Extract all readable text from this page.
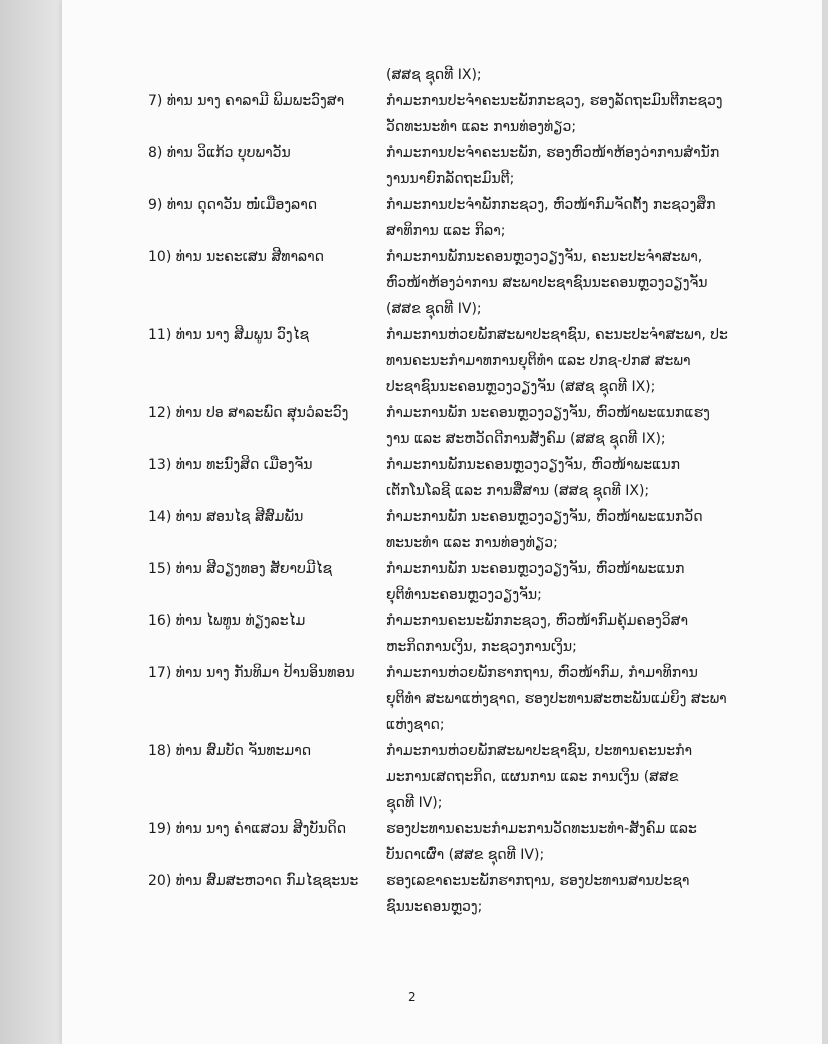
(ສສຊ ຊຸດທີ IX);
7) ທ່ານ ນາງ ຄາລາມີ ພິມພະວົງສາ	ກຳມະການປະຈຳຄະນະພັກກະຊວງ, ຮອງລັດຖະມົນຕີກະຊວງ
ວັດທະນະທຳ ແລະ ການທ່ອງທ່ຽວ;
8) ທ່ານ ວິແກ້ວ ບຸບພາວັນ	ກຳມະການປະຈຳຄະນະພັກ, ຮອງຫົວໜ້າຫ້ອງວ່າການສຳນັກ
ງານນາຍົກລັດຖະມົນຕີ;
9) ທ່ານ ດຸດາວັນ ໜໍ່ເມືອງລາດ	ກຳມະການປະຈຳພັກກະຊວງ, ຫົວໜ້າກົມຈັດຕັ້ງ ກະຊວງສຶກ
ສາທິການ ແລະ ກິລາ;
10) ທ່ານ ນະຄະເສນ ສີທາລາດ	ກຳມະການພັກນະຄອນຫຼວງວຽງຈັນ, ຄະນະປະຈຳສະພາ,
ຫົວໜ້າຫ້ອງວ່າການ ສະພາປະຊາຊົນນະຄອນຫຼວງວຽງຈັນ
(ສສຂ ຊຸດທີ IV);
11) ທ່ານ ນາງ ສີມພູນ ວົງໄຊ	ກຳມະການຫ່ວຍພັກສະພາປະຊາຊົນ, ຄະນະປະຈຳສະພາ, ປະ
ທານຄະນະກຳມາທການຍຸຕິທຳ ແລະ ປກຊ-ປກສ ສະພາ
ປະຊາຊົນນະຄອນຫຼວງວຽງຈັນ (ສສຊ ຊຸດທີ IX);
12) ທ່ານ ປອ ສາລະພົດ ສຸນວໍລະວົງ	ກຳມະການພັກ ນະຄອນຫຼວງວຽງຈັນ, ຫົວໜ້າພະແນກແຮງ
ງານ ແລະ ສະຫວັດດີການສັງຄົມ (ສສຊ ຊຸດທີ IX);
13) ທ່ານ ທະນົງສິດ ເມືອງຈັນ	ກຳມະການພັກນະຄອນຫຼວງວຽງຈັນ, ຫົວໜ້າພະແນກ
ເຕັກໂນໂລຊີ ແລະ ການສື່ສານ (ສສຊ ຊຸດທີ IX);
14) ທ່ານ ສອນໄຊ ສີສົມພັນ	ກຳມະການພັກ ນະຄອນຫຼວງວຽງຈັນ, ຫົວໜ້າພະແນກວັດ
ທະນະທຳ ແລະ ການທ່ອງທ່ຽວ;
15) ທ່ານ ສີວຽງທອງ ສັຍາບມີໄຊ	ກຳມະການພັກ ນະຄອນຫຼວງວຽງຈັນ, ຫົວໜ້າພະແນກ
ຍຸຕິທຳນະຄອນຫຼວງວຽງຈັນ;
16) ທ່ານ ໄພທູນ ທ່ຽງລະໄມ	ກຳມະການຄະນະພັກກະຊວງ, ຫົວໜ້າກົມຄຸ້ມຄອງວິສາ
ຫະກິດການເງິນ, ກະຊວງການເງິນ;
17) ທ່ານ ນາງ ກັນທິມາ ປ້ານອິນທອນ	ກຳມະການຫ່ວຍພັກຮາກຖານ, ຫົວໜ້າກົມ, ກຳມາທິການ
ຍຸຕິທຳ ສະພາແຫ່ງຊາດ, ຮອງປະທານສະຫະພັນແມ່ຍິງ ສະພາ
ແຫ່ງຊາດ;
18) ທ່ານ ສົມບັດ ຈັນທະມາດ	ກຳມະການຫ່ວຍພັກສະພາປະຊາຊົນ, ປະທານຄະນະກຳ
ມະການເສດຖະກິດ, ແຜນການ ແລະ ການເງິນ (ສສຂ
ຊຸດທີ IV);
19) ທ່ານ ນາງ ຄຳແສວນ ສີງບັນດິດ	ຮອງປະທານຄະນະກຳມະການວັດທະນະທຳ-ສັງຄົມ ແລະ
ບັນດາເຜົ່າ (ສສຂ ຊຸດທີ IV);
20) ທ່ານ ສົມສະຫວາດ ກົມໄຊຊະນະ	ຮອງເລຂາຄະນະພັກຮາກຖານ, ຮອງປະທານສານປະຊາ
ຊົນນະຄອນຫຼວງ;
2
